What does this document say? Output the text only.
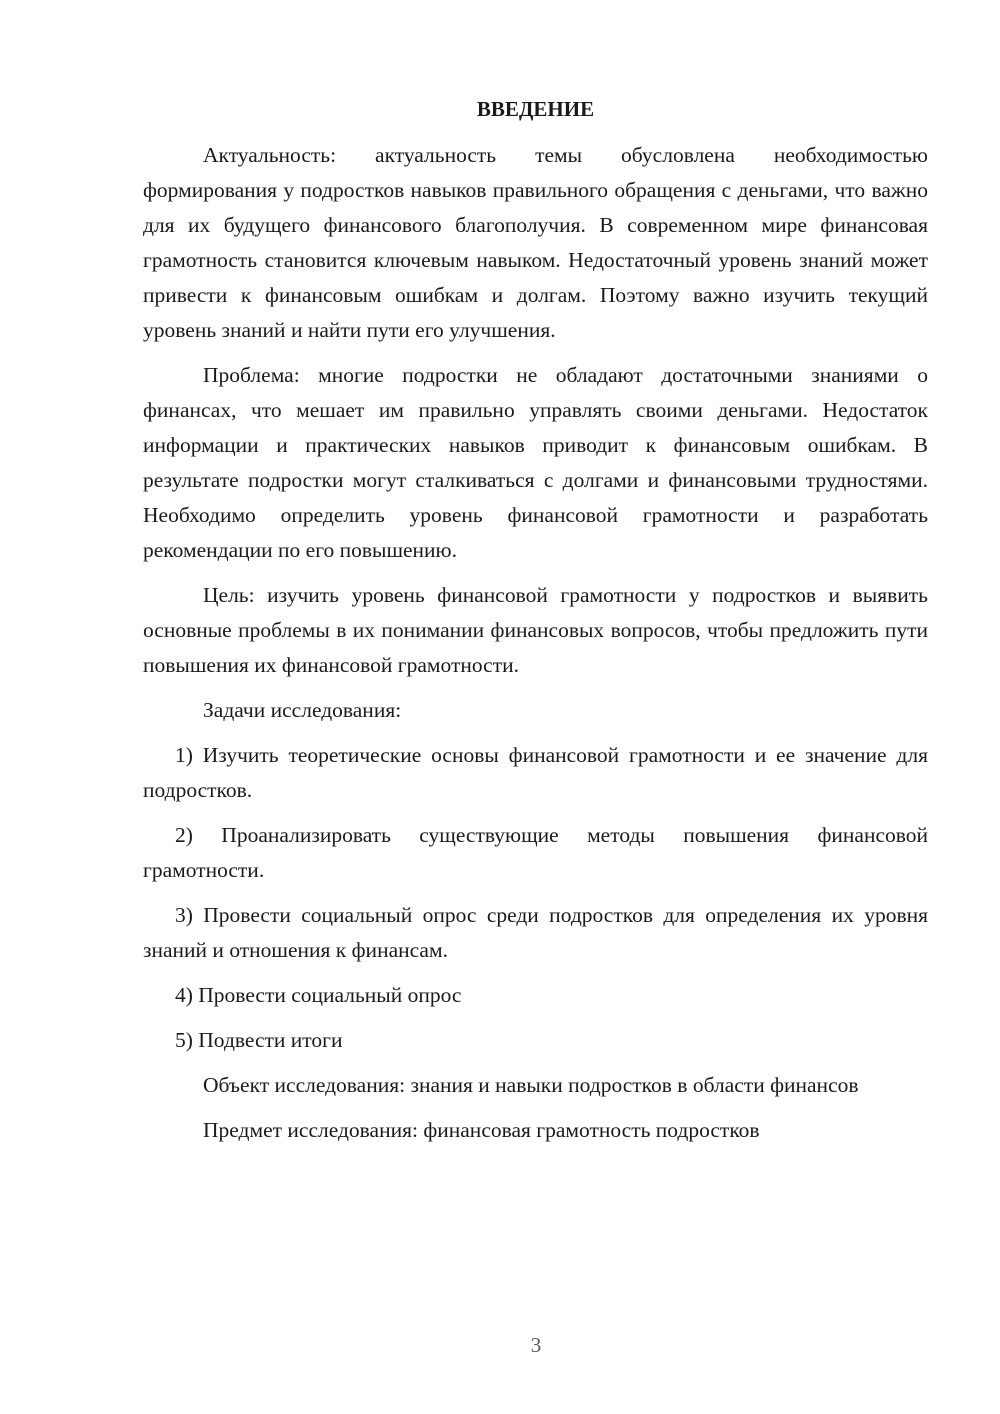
ВВЕДЕНИЕ

Актуальность: актуальность темы обусловлена необходимостью формирования у подростков навыков правильного обращения с деньгами, что важно для их будущего финансового благополучия. В современном мире финансовая грамотность становится ключевым навыком. Недостаточный уровень знаний может привести к финансовым ошибкам и долгам. Поэтому важно изучить текущий уровень знаний и найти пути его улучшения.

Проблема: многие подростки не обладают достаточными знаниями о финансах, что мешает им правильно управлять своими деньгами. Недостаток информации и практических навыков приводит к финансовым ошибкам. В результате подростки могут сталкиваться с долгами и финансовыми трудностями. Необходимо определить уровень финансовой грамотности и разработать рекомендации по его повышению.

Цель: изучить уровень финансовой грамотности у подростков и выявить основные проблемы в их понимании финансовых вопросов, чтобы предложить пути повышения их финансовой грамотности.

Задачи исследования:

1) Изучить теоретические основы финансовой грамотности и ее значение для подростков.

2) Проанализировать существующие методы повышения финансовой грамотности.

3) Провести социальный опрос среди подростков для определения их уровня знаний и отношения к финансам.

4) Провести социальный опрос

5) Подвести итоги

Объект исследования: знания и навыки подростков в области финансов

Предмет исследования: финансовая грамотность подростков

3
